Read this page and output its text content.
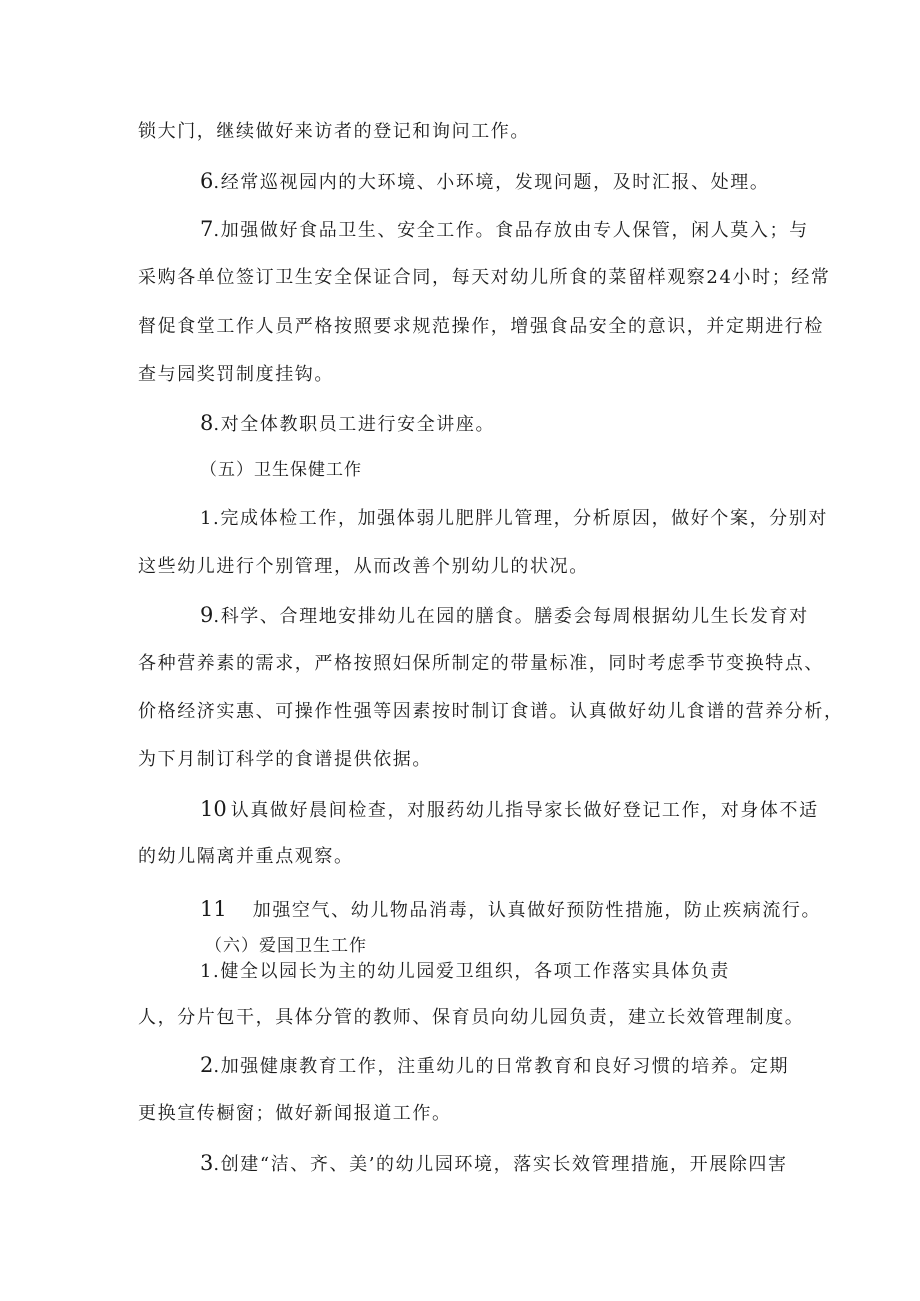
锁大门，继续做好来访者的登记和询问工作。
6.经常巡视园内的大环境、小环境，发现问题，及时汇报、处理。
7.加强做好食品卫生、安全工作。食品存放由专人保管，闲人莫入；与
采购各单位签订卫生安全保证合同，每天对幼儿所食的菜留样观察24小时；经常
督促食堂工作人员严格按照要求规范操作，增强食品安全的意识，并定期进行检
查与园奖罚制度挂钩。
8.对全体教职员工进行安全讲座。
（五）卫生保健工作
1.完成体检工作，加强体弱儿肥胖儿管理，分析原因，做好个案，分别对
这些幼儿进行个别管理，从而改善个别幼儿的状况。
9.科学、合理地安排幼儿在园的膳食。膳委会每周根据幼儿生长发育对
各种营养素的需求，严格按照妇保所制定的带量标准，同时考虑季节变换特点、
价格经济实惠、可操作性强等因素按时制订食谱。认真做好幼儿食谱的营养分析，
为下月制订科学的食谱提供依据。
10 认真做好晨间检查，对服药幼儿指导家长做好登记工作，对身体不适
的幼儿隔离并重点观察。
11 加强空气、幼儿物品消毒，认真做好预防性措施，防止疾病流行。
（六）爱国卫生工作
1.健全以园长为主的幼儿园爱卫组织，各项工作落实具体负责
人，分片包干，具体分管的教师、保育员向幼儿园负责，建立长效管理制度。
2.加强健康教育工作，注重幼儿的日常教育和良好习惯的培养。定期
更换宣传橱窗；做好新闻报道工作。
3.创建“洁、齐、美’的幼儿园环境，落实长效管理措施，开展除四害
